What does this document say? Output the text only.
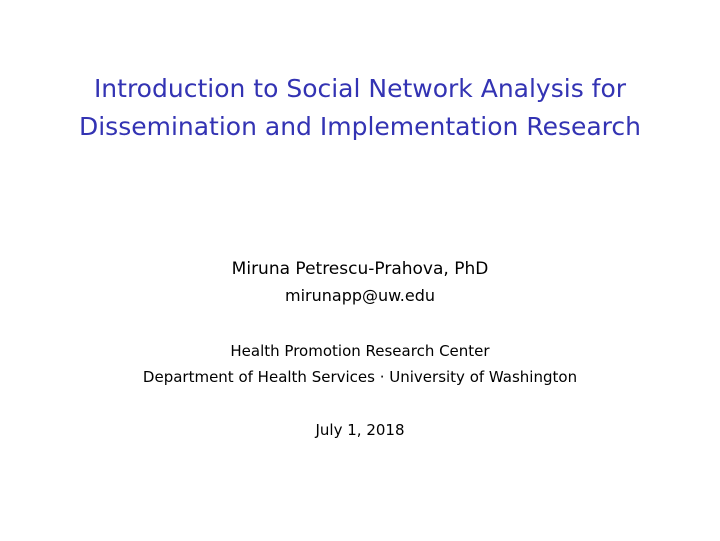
Introduction to Social Network Analysis for
Dissemination and Implementation Research
Miruna Petrescu-Prahova, PhD
mirunapp@uw.edu
Health Promotion Research Center
Department of Health Services · University of Washington
July 1, 2018
